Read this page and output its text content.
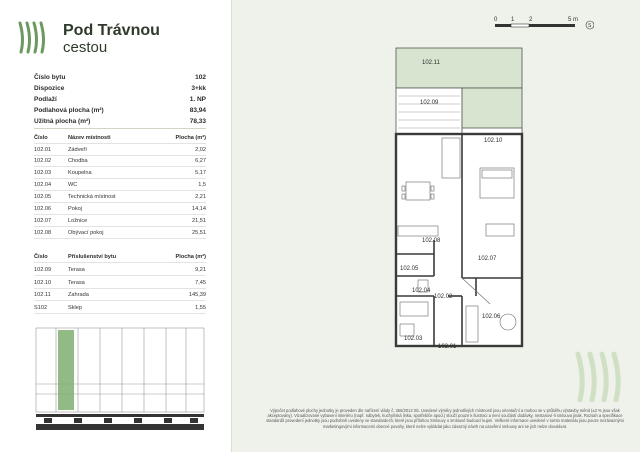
Pod Trávnou
cestou
Číslo bytu	102
Dispozice	3+kk
Podlaží	1. NP
Podlahová plocha (m²)	83,94
Užitná plocha (m²)	78,33
Číslo	Název místnosti	Plocha (m²)
102.01	Zádveří	2,02
102.02	Chodba	6,27
102.03	Koupelna	5,17
102.04	WC	1,5
102.05	Technická místnost	2,21
102.06	Pokoj	14,14
102.07	Ložnice	21,51
102.08	Obývací pokoj	25,51
Číslo	Příslušenství bytu	Plocha (m²)
102.09	Terasa	9,21
102.10	Terasa	7,45
102.11	Zahrada	145,39
S102	Sklep	1,55
0 1 2	5 m
S
102.11
102.09
102.10
102.08
102.07
102.05
102.04
102.02
102.06
102.03
102.01
Výpočet podlahové plochy jednotky je proveden dle nařízení vlády č. 366/2013 Sb. Uvedené výměry jednotlivých místností jsou orientační a mohou se v průběhu výstavby měnit (±3 % jsou však akceptovány). Vizualizované vybavení interiéru (např. nábytek, kuchyňská linka, spotřebiče apod.) slouží pouze k ilustraci a není součástí dodávky, nestanoví-li smlouva jinak. Rozsah a specifikace standardů provedení jednotky jsou podrobně uvedeny ve standardech, které jsou přílohou Smlouvy o smlouvě budoucí kupní. Veškeré informace uvedené v tomto materiálu jsou pouze nezávaznými marketingovými informacemi obecné povahy, které nelze vykládat jako závazný návrh na uzavření smlouvy ani se jich nelze dovolávat.
